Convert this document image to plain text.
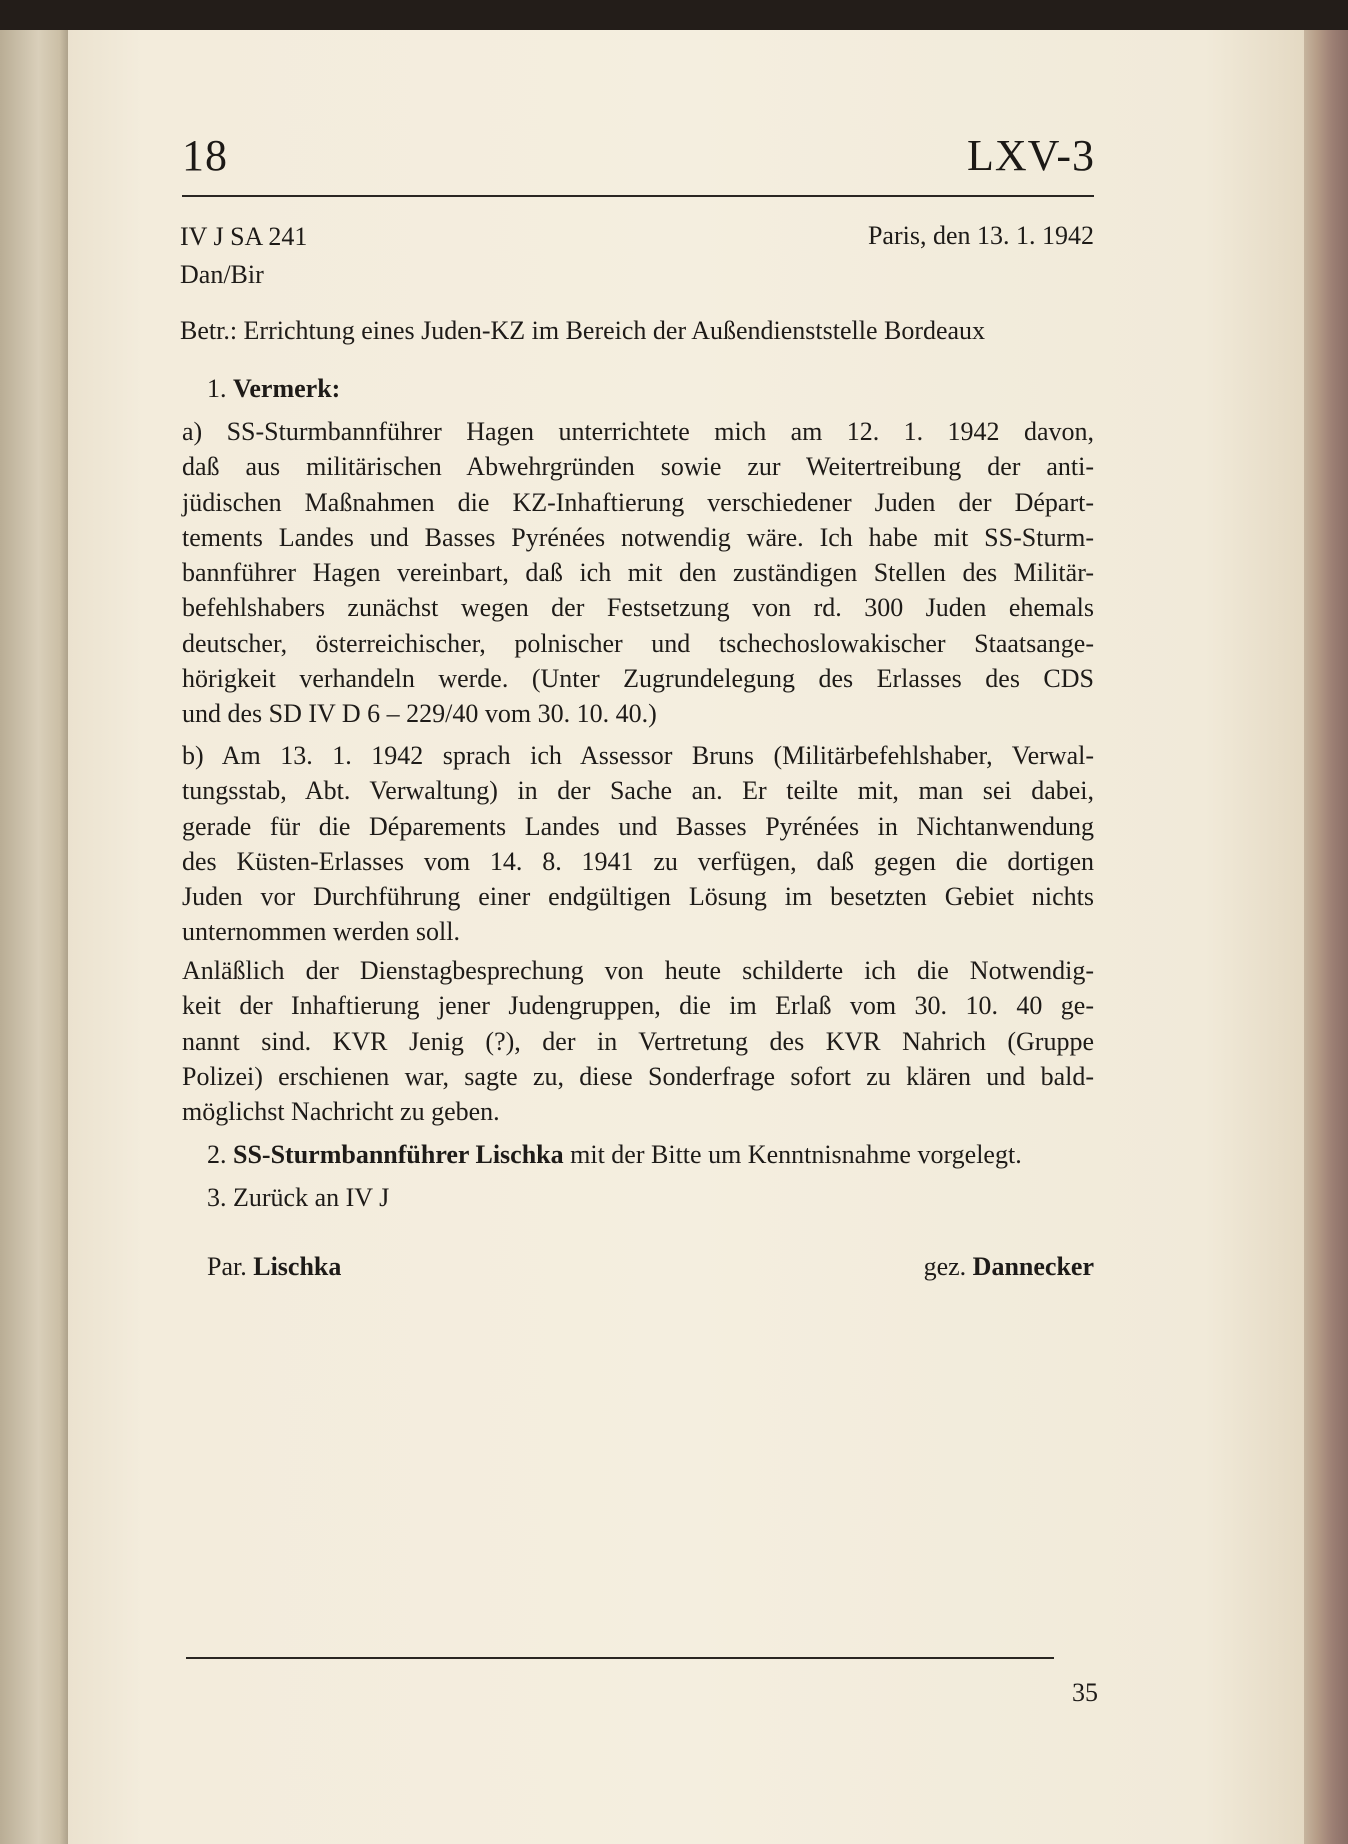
18	LXV-3
IV J SA 241
Dan/Bir
Paris, den 13. 1. 1942
Betr.: Errichtung eines Juden-KZ im Bereich der Außendienststelle Bordeaux
1. Vermerk:
a) SS-Sturmbannführer Hagen unterrichtete mich am 12. 1. 1942 davon,
daß aus militärischen Abwehrgründen sowie zur Weitertreibung der anti-
jüdischen Maßnahmen die KZ-Inhaftierung verschiedener Juden der Départ-
tements Landes und Basses Pyrénées notwendig wäre. Ich habe mit SS-Sturm-
bannführer Hagen vereinbart, daß ich mit den zuständigen Stellen des Militär-
befehlshabers zunächst wegen der Festsetzung von rd. 300 Juden ehemals
deutscher, österreichischer, polnischer und tschechoslowakischer Staatsange-
hörigkeit verhandeln werde. (Unter Zugrundelegung des Erlasses des CDS
und des SD IV D 6 – 229/40 vom 30. 10. 40.)
b) Am 13. 1. 1942 sprach ich Assessor Bruns (Militärbefehlshaber, Verwal-
tungsstab, Abt. Verwaltung) in der Sache an. Er teilte mit, man sei dabei,
gerade für die Déparements Landes und Basses Pyrénées in Nichtanwendung
des Küsten-Erlasses vom 14. 8. 1941 zu verfügen, daß gegen die dortigen
Juden vor Durchführung einer endgültigen Lösung im besetzten Gebiet nichts
unternommen werden soll.
Anläßlich der Dienstagbesprechung von heute schilderte ich die Notwendig-
keit der Inhaftierung jener Judengruppen, die im Erlaß vom 30. 10. 40 ge-
nannt sind. KVR Jenig (?), der in Vertretung des KVR Nahrich (Gruppe
Polizei) erschienen war, sagte zu, diese Sonderfrage sofort zu klären und bald-
möglichst Nachricht zu geben.
2. SS-Sturmbannführer Lischka mit der Bitte um Kenntnisnahme vorgelegt.
3. Zurück an IV J
Par. Lischka	gez. Dannecker
35
